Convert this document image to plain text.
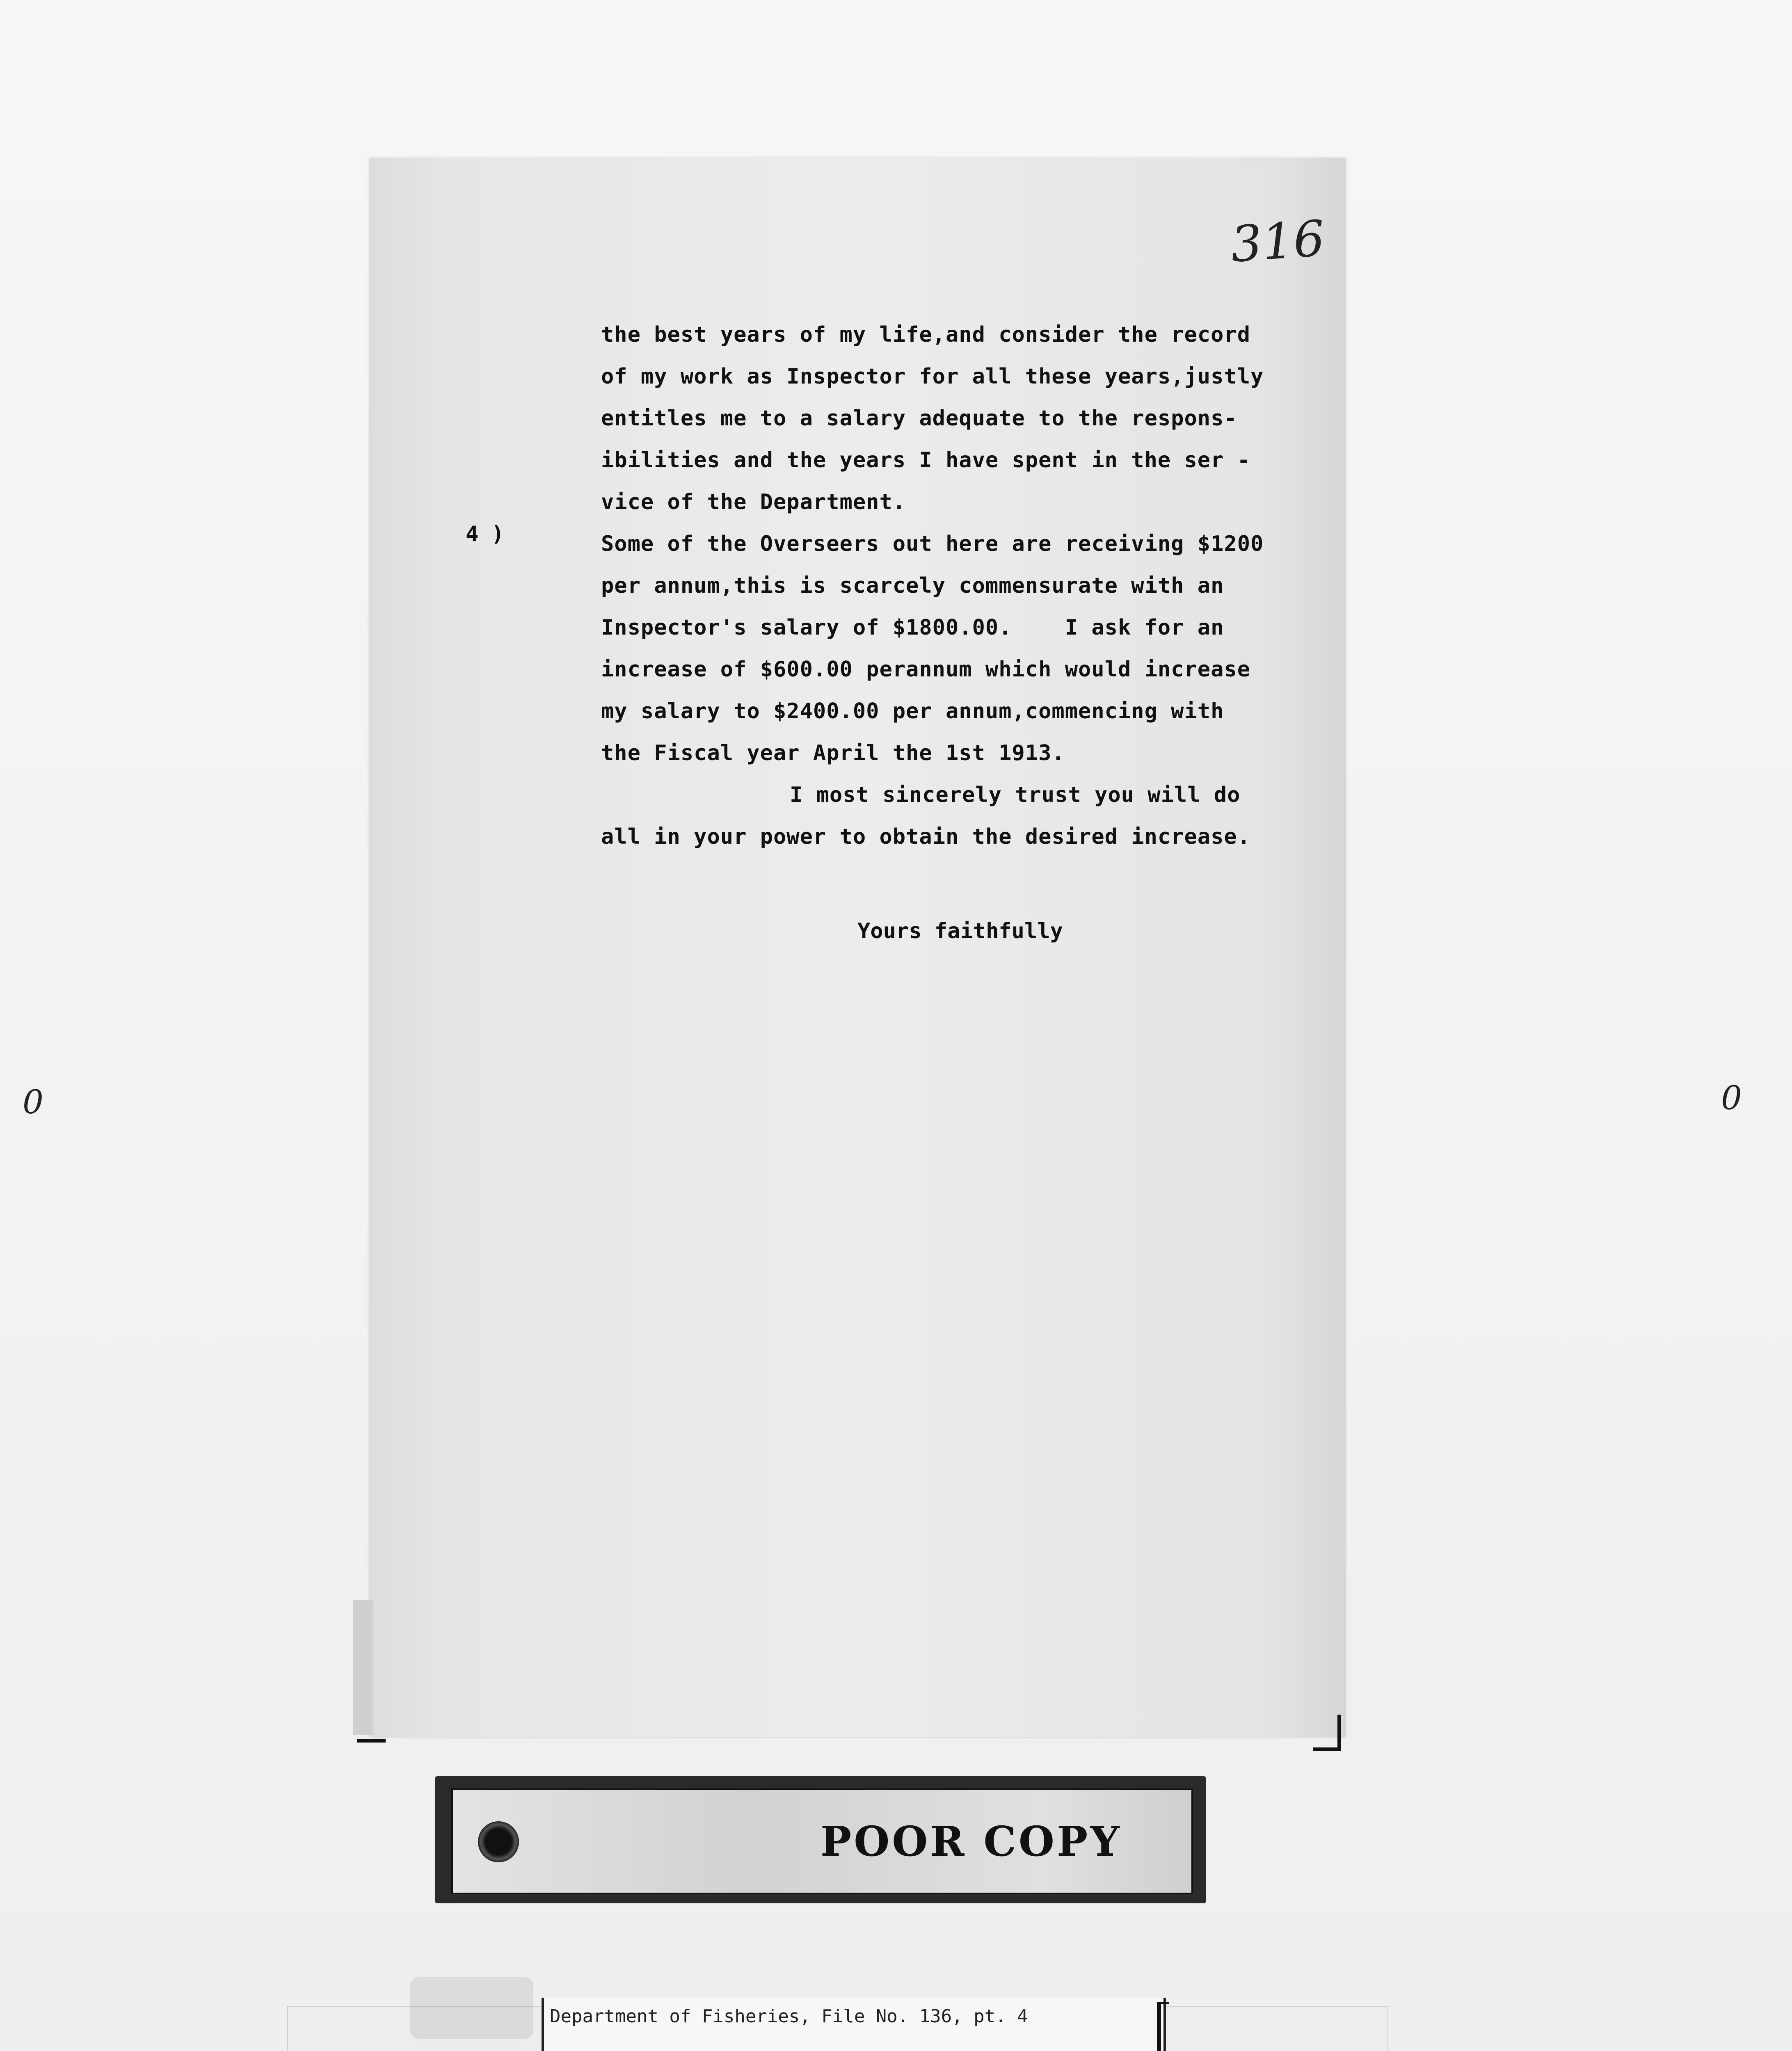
316
4 )
the best years of my life,and consider the record
of my work as Inspector for all these years,justly
entitles me to a salary adequate to the respons-
ibilities and the years I have spent in the ser -
vice of the Department.
Some of the Overseers out here are receiving $1200
per annum,this is scarcely commensurate with an
Inspector's salary of $1800.00.    I ask for an
increase of $600.00 perannum which would increase
my salary to $2400.00 per annum,commencing with
the Fiscal year April the 1st 1913.
I most sincerely trust you will do
all in your power to obtain the desired increase.
Yours faithfully
0	0
POOR COPY
Department of Fisheries, File No. 136, pt. 4
